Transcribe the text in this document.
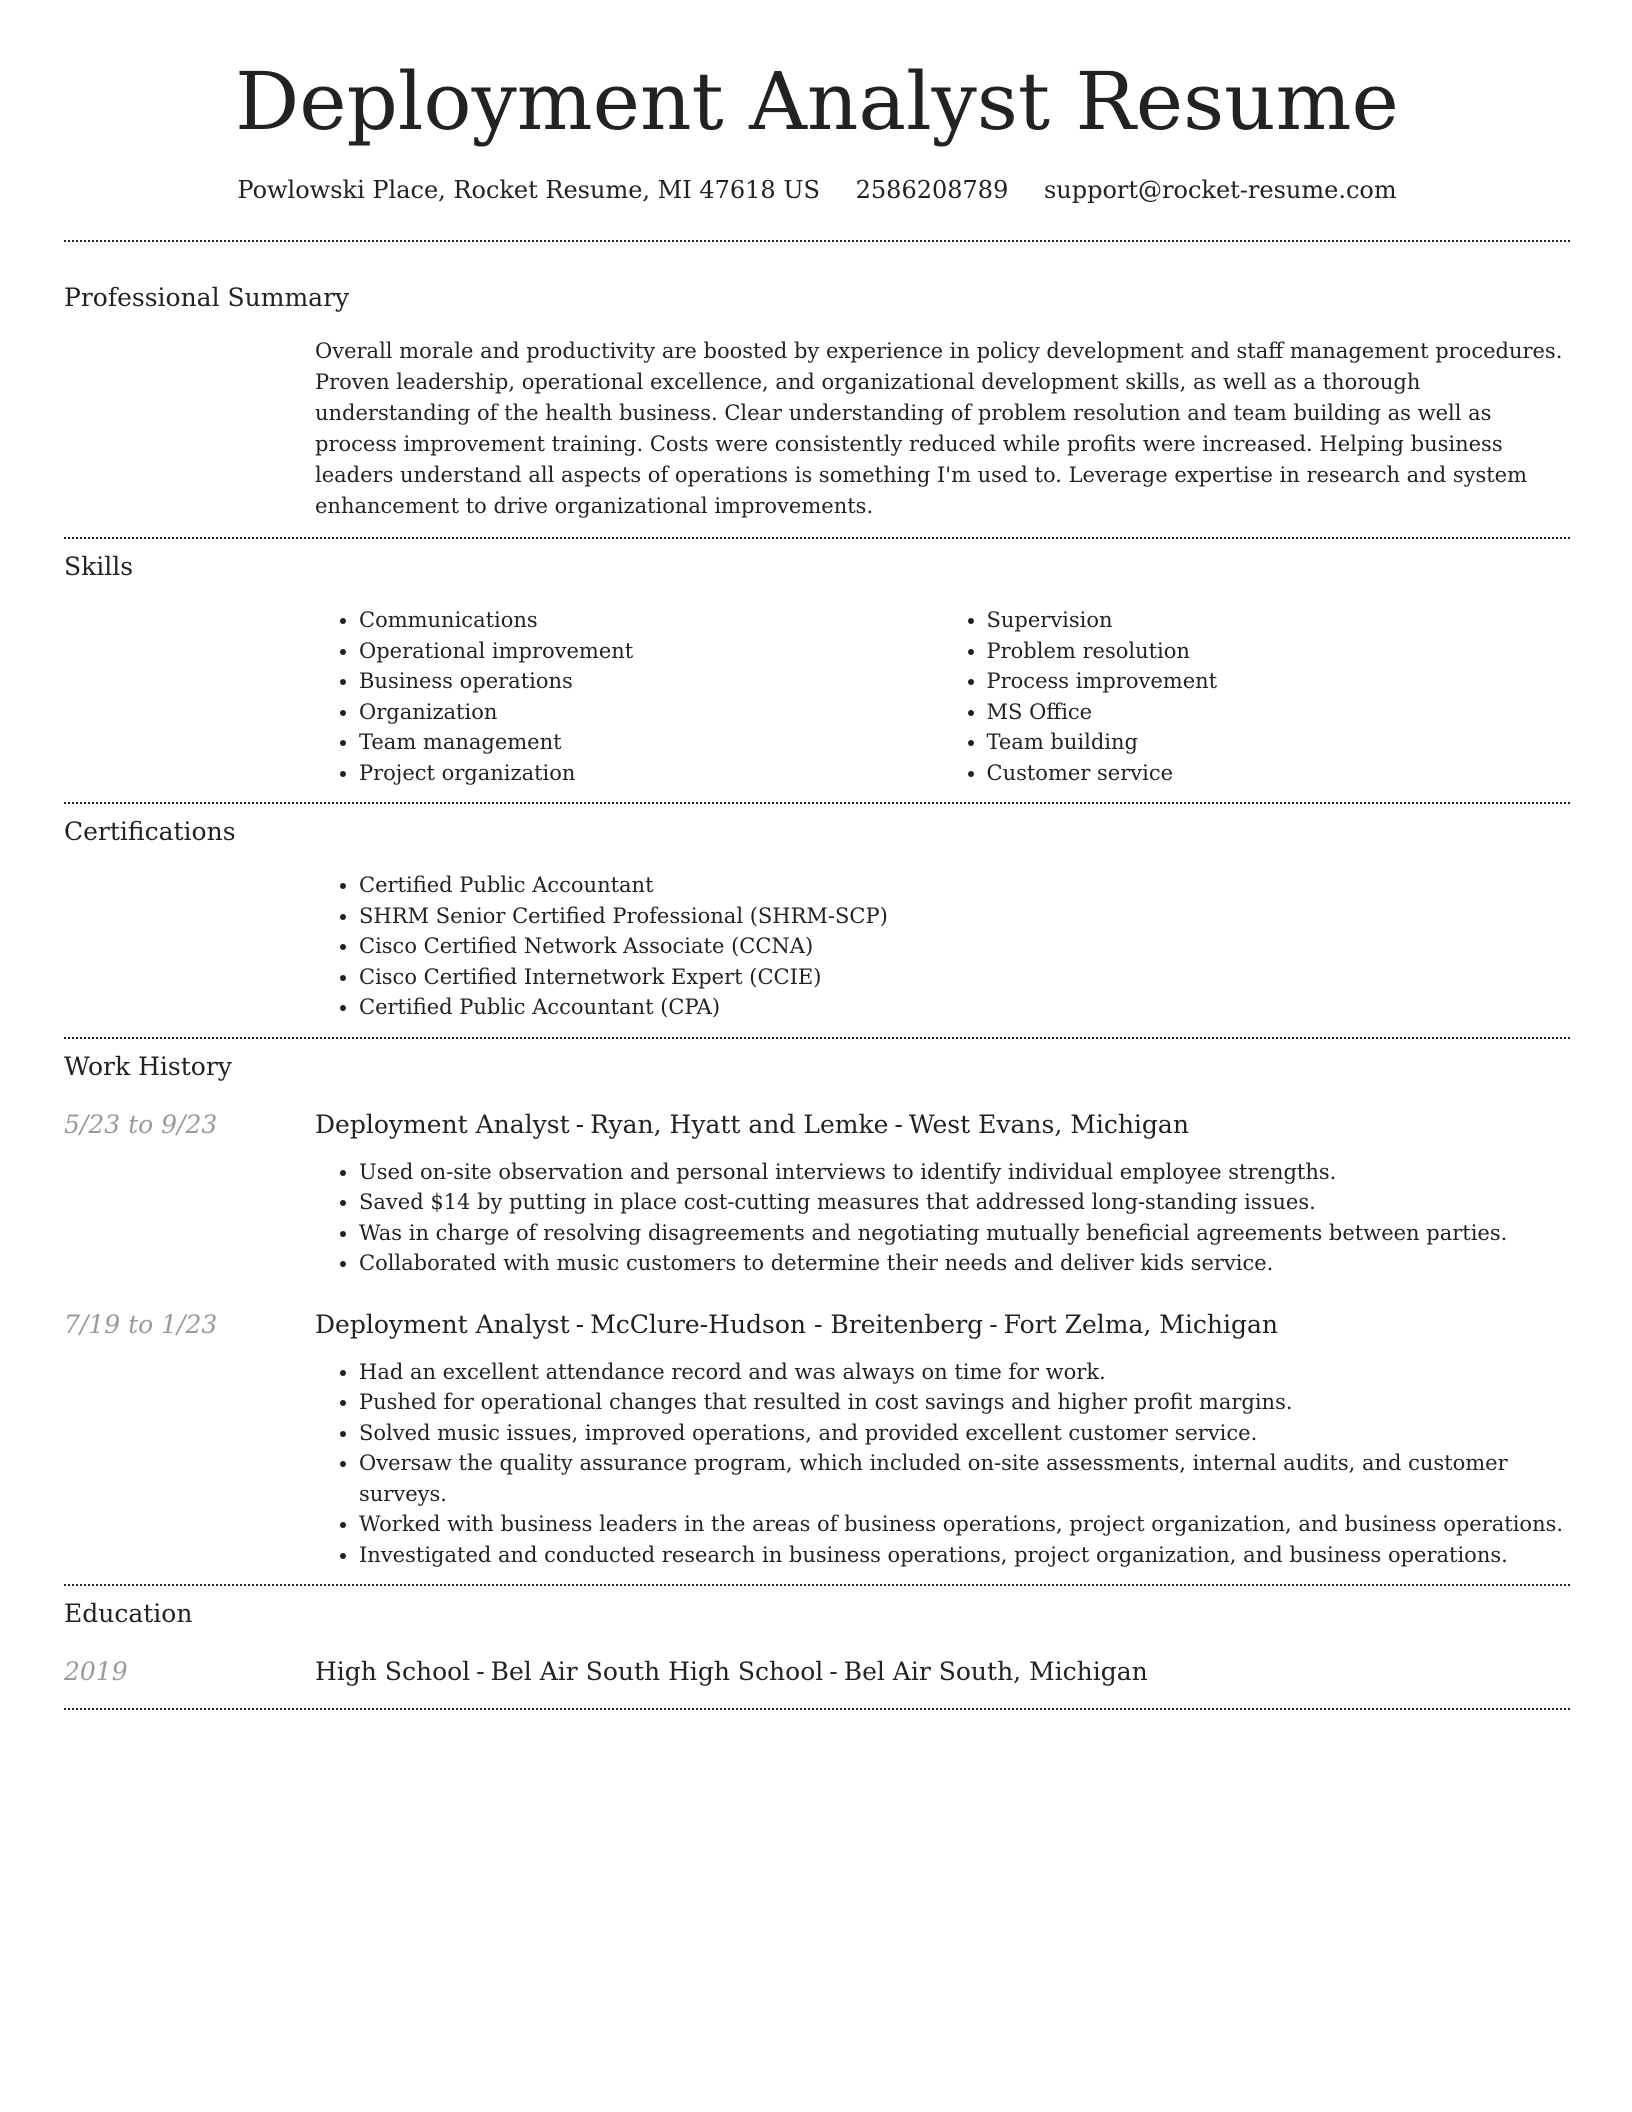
Deployment Analyst Resume
Powlowski Place, Rocket Resume, MI 47618 US 2586208789 support@rocket-resume.com
Professional Summary

Overall morale and productivity are boosted by experience in policy development and staff management procedures. Proven leadership, operational excellence, and organizational development skills, as well as a thorough understanding of the health business. Clear understanding of problem resolution and team building as well as process improvement training. Costs were consistently reduced while profits were increased. Helping business leaders understand all aspects of operations is something I'm used to. Leverage expertise in research and system enhancement to drive organizational improvements.

Skills
• Communications
• Operational improvement
• Business operations
• Organization
• Team management
• Project organization
• Supervision
• Problem resolution
• Process improvement
• MS Office
• Team building
• Customer service
Certifications
• Certified Public Accountant
• SHRM Senior Certified Professional (SHRM-SCP)
• Cisco Certified Network Associate (CCNA)
• Cisco Certified Internetwork Expert (CCIE)
• Certified Public Accountant (CPA)
Work History
5/23 to 9/23	Deployment Analyst - Ryan, Hyatt and Lemke - West Evans, Michigan
• Used on-site observation and personal interviews to identify individual employee strengths.
• Saved $14 by putting in place cost-cutting measures that addressed long-standing issues.
• Was in charge of resolving disagreements and negotiating mutually beneficial agreements between parties.
• Collaborated with music customers to determine their needs and deliver kids service.
7/19 to 1/23	Deployment Analyst - McClure-Hudson - Breitenberg - Fort Zelma, Michigan
• Had an excellent attendance record and was always on time for work.
• Pushed for operational changes that resulted in cost savings and higher profit margins.
• Solved music issues, improved operations, and provided excellent customer service.
• Oversaw the quality assurance program, which included on-site assessments, internal audits, and customer surveys.
• Worked with business leaders in the areas of business operations, project organization, and business operations.
• Investigated and conducted research in business operations, project organization, and business operations.
Education
2019	High School - Bel Air South High School - Bel Air South, Michigan
